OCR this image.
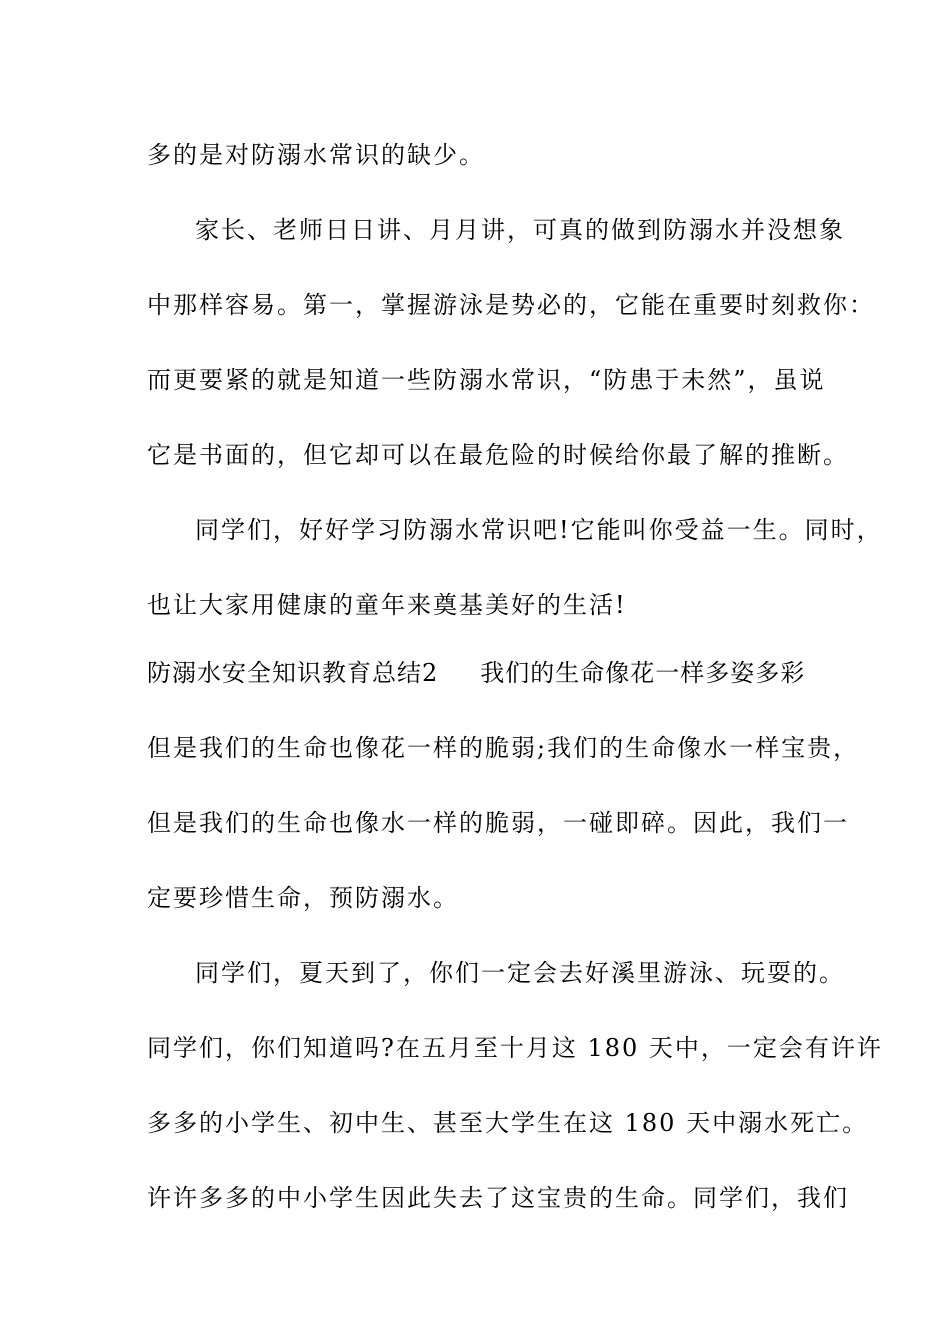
多的是对防溺水常识的缺少。
家长、老师日日讲、月月讲，可真的做到防溺水并没想象
中那样容易。第一，掌握游泳是势必的，它能在重要时刻救你：
而更要紧的就是知道一些防溺水常识，“防患于未然”，虽说
它是书面的，但它却可以在最危险的时候给你最了解的推断。
同学们，好好学习防溺水常识吧!它能叫你受益一生。同时，
也让大家用健康的童年来奠基美好的生活!
防溺水安全知识教育总结2 我们的生命像花一样多姿多彩
但是我们的生命也像花一样的脆弱;我们的生命像水一样宝贵，
但是我们的生命也像水一样的脆弱，一碰即碎。因此，我们一
定要珍惜生命，预防溺水。
同学们，夏天到了，你们一定会去好溪里游泳、玩耍的。
同学们，你们知道吗?在五月至十月这 180 天中，一定会有许许
多多的小学生、初中生、甚至大学生在这 180 天中溺水死亡。
许许多多的中小学生因此失去了这宝贵的生命。同学们，我们
